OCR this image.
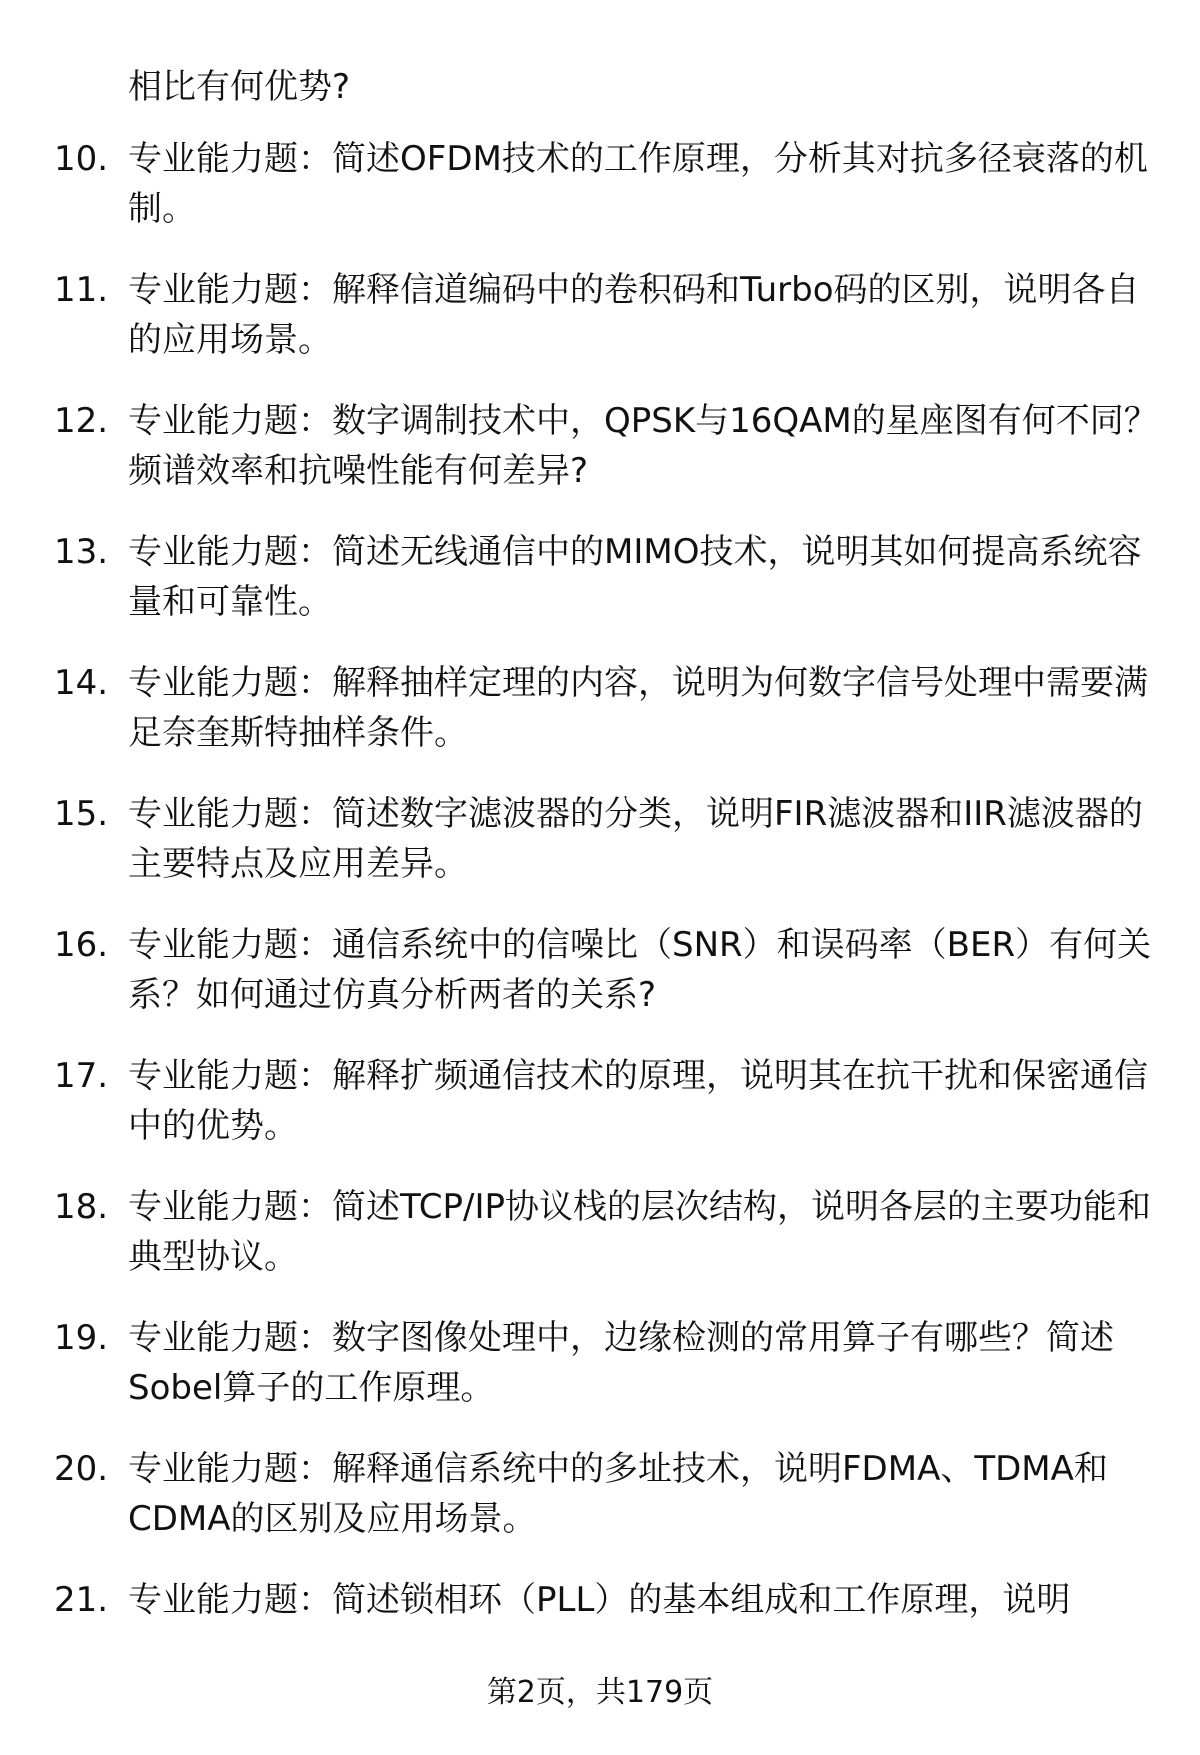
相比有何优势?

10. 专业能力题：简述OFDM技术的工作原理，分析其对抗多径衰落的机制。

11. 专业能力题：解释信道编码中的卷积码和Turbo码的区别，说明各自的应用场景。

12. 专业能力题：数字调制技术中，QPSK与16QAM的星座图有何不同？频谱效率和抗噪性能有何差异?

13. 专业能力题：简述无线通信中的MIMO技术，说明其如何提高系统容量和可靠性。

14. 专业能力题：解释抽样定理的内容，说明为何数字信号处理中需要满足奈奎斯特抽样条件。

15. 专业能力题：简述数字滤波器的分类，说明FIR滤波器和IIR滤波器的主要特点及应用差异。

16. 专业能力题：通信系统中的信噪比（SNR）和误码率（BER）有何关系？如何通过仿真分析两者的关系?

17. 专业能力题：解释扩频通信技术的原理，说明其在抗干扰和保密通信中的优势。

18. 专业能力题：简述TCP/IP协议栈的层次结构，说明各层的主要功能和典型协议。

19. 专业能力题：数字图像处理中，边缘检测的常用算子有哪些？简述Sobel算子的工作原理。

20. 专业能力题：解释通信系统中的多址技术，说明FDMA、TDMA和CDMA的区别及应用场景。

21. 专业能力题：简述锁相环（PLL）的基本组成和工作原理，说明

第2页，共179页
